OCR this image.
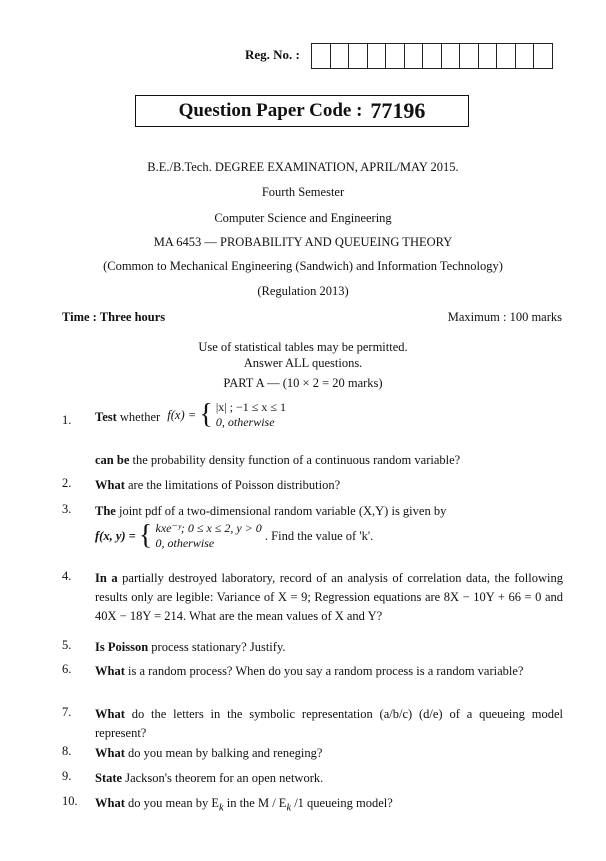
Reg. No. :
Question Paper Code : 77196
B.E./B.Tech. DEGREE EXAMINATION, APRIL/MAY 2015.
Fourth Semester
Computer Science and Engineering
MA 6453 — PROBABILITY AND QUEUEING THEORY
(Common to Mechanical Engineering (Sandwich) and Information Technology)
(Regulation 2013)
Time : Three hours	Maximum : 100 marks
Use of statistical tables may be permitted.
Answer ALL questions.
PART A — (10 × 2 = 20 marks)
1.	Test whether f(x) = { |x| ; −1 ≤ x ≤ 1
0, otherwise
can be the probability density function of a continuous random variable?
2.	What are the limitations of Poisson distribution?
3.	The joint pdf of a two-dimensional random variable (X,Y) is given by
f(x, y) = { kxe⁻ʸ; 0 ≤ x ≤ 2, y > 0
0, otherwise	. Find the value of 'k'.
4.	In a partially destroyed laboratory, record of an analysis of correlation data, the following results only are legible: Variance of X = 9; Regression equations are 8X − 10Y + 66 = 0 and 40X − 18Y = 214. What are the mean values of X and Y?
5.	Is Poisson process stationary? Justify.
6.	What is a random process? When do you say a random process is a random variable?
7.	What do the letters in the symbolic representation (a/b/c) (d/e) of a queueing model represent?
8.	What do you mean by balking and reneging?
9.	State Jackson's theorem for an open network.
10.	What do you mean by $E_k$ in the M / $E_k$ /1 queueing model?
